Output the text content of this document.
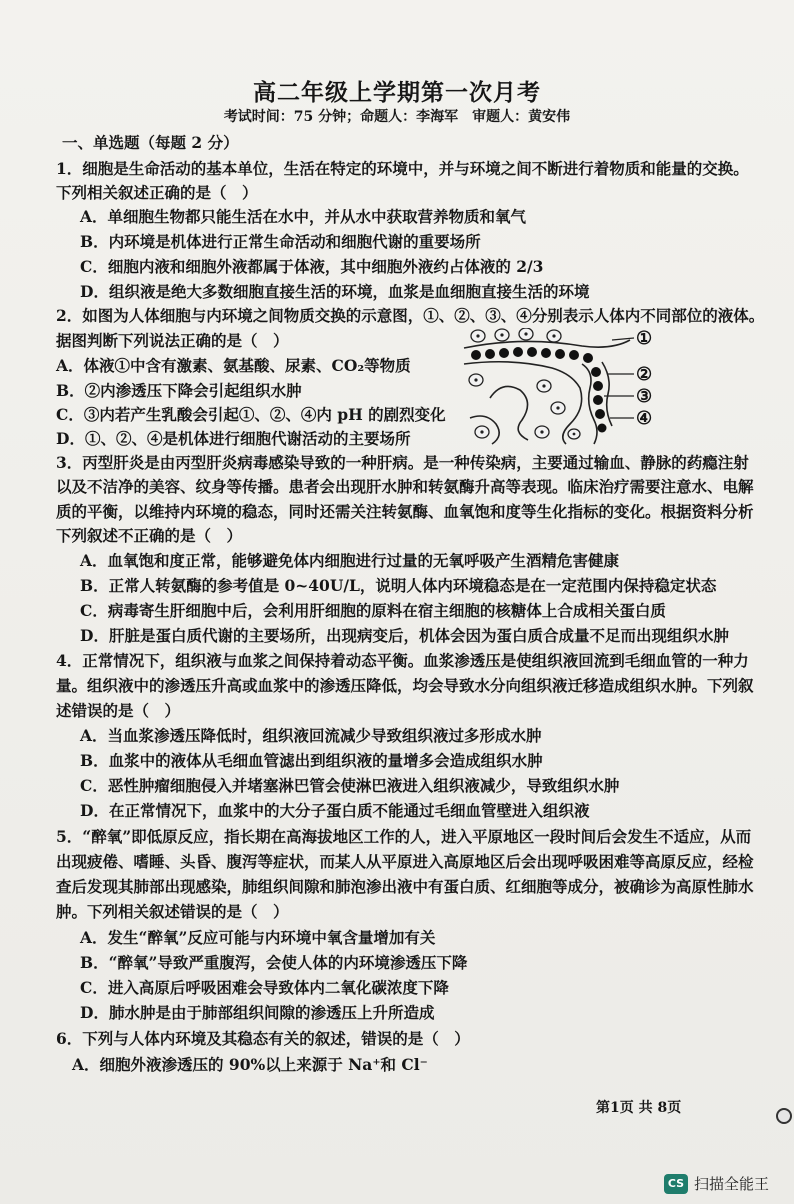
高二年级上学期第一次月考
考试时间：75 分钟；命题人：李海军　审题人：黄安伟
一、单选题（每题 2 分）
1．细胞是生命活动的基本单位，生活在特定的环境中，并与环境之间不断进行着物质和能量的交换。
下列相关叙述正确的是（　）
A．单细胞生物都只能生活在水中，并从水中获取营养物质和氧气
B．内环境是机体进行正常生命活动和细胞代谢的重要场所
C．细胞内液和细胞外液都属于体液，其中细胞外液约占体液的 2/3
D．组织液是绝大多数细胞直接生活的环境，血浆是血细胞直接生活的环境
2．如图为人体细胞与内环境之间物质交换的示意图，①、②、③、④分别表示人体内不同部位的液体。
据图判断下列说法正确的是（　）
A．体液①中含有激素、氨基酸、尿素、CO₂等物质
B．②内渗透压下降会引起组织水肿
C．③内若产生乳酸会引起①、②、④内 pH 的剧烈变化
D．①、②、④是机体进行细胞代谢活动的主要场所
①
②
③
④
3．丙型肝炎是由丙型肝炎病毒感染导致的一种肝病。是一种传染病，主要通过输血、静脉的药瘾注射
以及不洁净的美容、纹身等传播。患者会出现肝水肿和转氨酶升高等表现。临床治疗需要注意水、电解
质的平衡，以维持内环境的稳态，同时还需关注转氨酶、血氧饱和度等生化指标的变化。根据资料分析
下列叙述不正确的是（　）
A．血氧饱和度正常，能够避免体内细胞进行过量的无氧呼吸产生酒精危害健康
B．正常人转氨酶的参考值是 0~40U/L，说明人体内环境稳态是在一定范围内保持稳定状态
C．病毒寄生肝细胞中后，会利用肝细胞的原料在宿主细胞的核糖体上合成相关蛋白质
D．肝脏是蛋白质代谢的主要场所，出现病变后，机体会因为蛋白质合成量不足而出现组织水肿
4．正常情况下，组织液与血浆之间保持着动态平衡。血浆渗透压是使组织液回流到毛细血管的一种力
量。组织液中的渗透压升高或血浆中的渗透压降低，均会导致水分向组织液迁移造成组织水肿。下列叙
述错误的是（　）
A．当血浆渗透压降低时，组织液回流减少导致组织液过多形成水肿
B．血浆中的液体从毛细血管滤出到组织液的量增多会造成组织水肿
C．恶性肿瘤细胞侵入并堵塞淋巴管会使淋巴液进入组织液减少，导致组织水肿
D．在正常情况下，血浆中的大分子蛋白质不能通过毛细血管壁进入组织液
5．“醉氧”即低原反应，指长期在高海拔地区工作的人，进入平原地区一段时间后会发生不适应，从而
出现疲倦、嗜睡、头昏、腹泻等症状，而某人从平原进入高原地区后会出现呼吸困难等高原反应，经检
查后发现其肺部出现感染，肺组织间隙和肺泡渗出液中有蛋白质、红细胞等成分，被确诊为高原性肺水
肿。下列相关叙述错误的是（　）
A．发生“醉氧”反应可能与内环境中氧含量增加有关
B．“醉氧”导致严重腹泻，会使人体的内环境渗透压下降
C．进入高原后呼吸困难会导致体内二氧化碳浓度下降
D．肺水肿是由于肺部组织间隙的渗透压上升所造成
6．下列与人体内环境及其稳态有关的叙述，错误的是（　）
A．细胞外液渗透压的 90%以上来源于 Na⁺和 Cl⁻
第1页 共 8页
CS 扫描全能王
